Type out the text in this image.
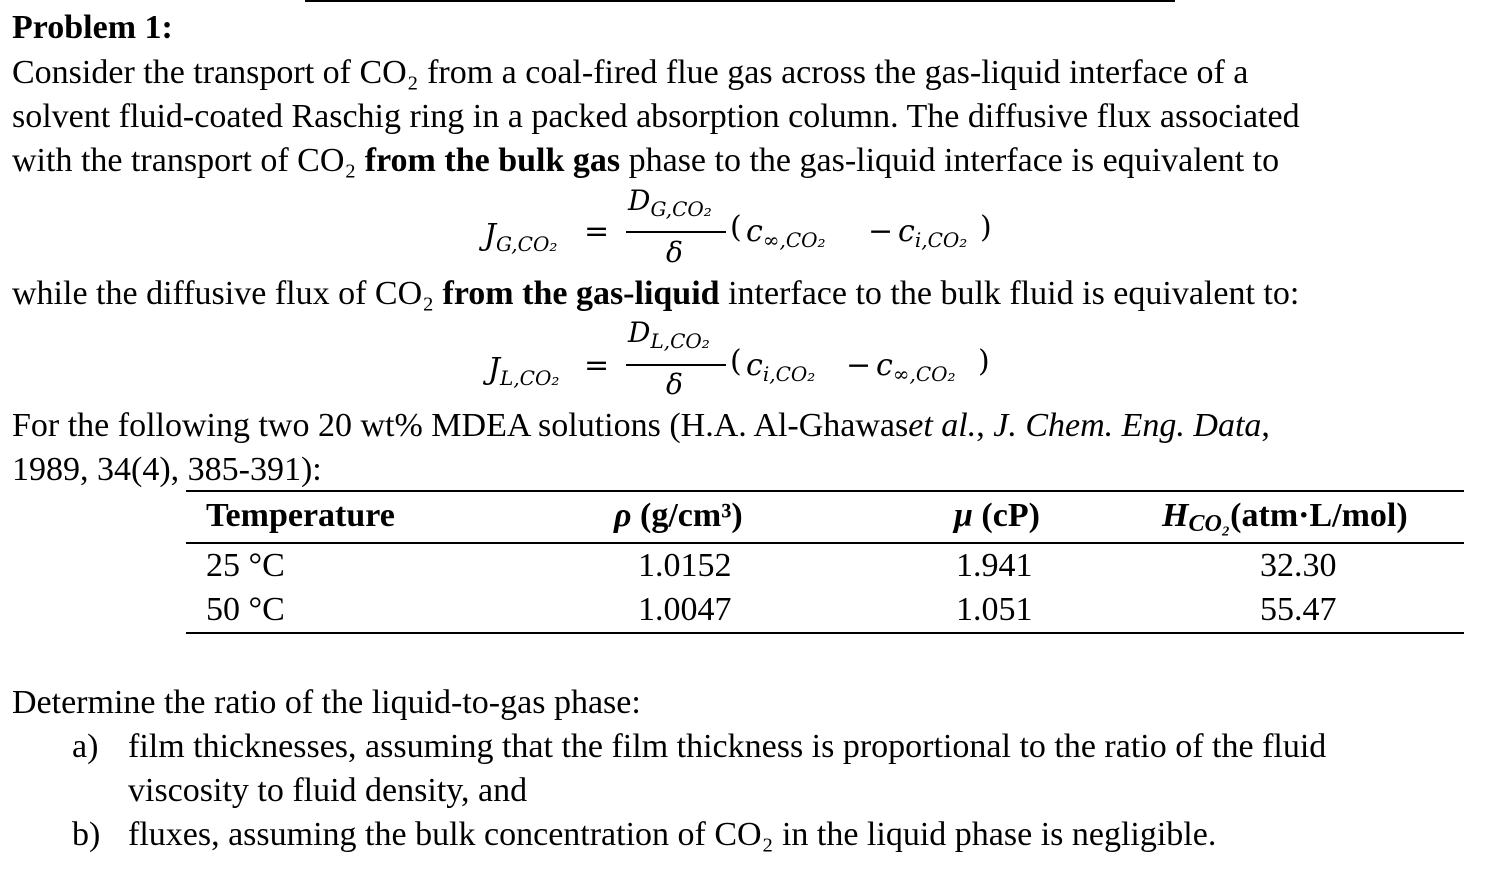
Problem 1:
Consider the transport of CO₂ from a coal-fired flue gas across the gas-liquid interface of a
solvent fluid-coated Raschig ring in a packed absorption column. The diffusive flux associated
with the transport of CO₂ from the bulk gas phase to the gas-liquid interface is equivalent to
$J_{G,CO_2}$ =
$D_{G,CO_2}$
δ
( $c_{\infty,CO_2} - c_{i,CO_2}$ )
while the diffusive flux of CO₂ from the gas-liquid interface to the bulk fluid is equivalent to:
$J_{L,CO_2}$ =
$D_{L,CO_2}$
δ
( $c_{i,CO_2} - c_{\infty,CO_2}$ )
For the following two 20 wt% MDEA solutions (H.A. Al-Ghawaset al., J. Chem. Eng. Data,
1989, 34(4), 385-391):
Temperature	ρ (g/cm³)	μ (cP)	$H_{CO_2}(atm\cdot L/mol)$
25 °C	1.0152	1.941	32.30
50 °C	1.0047	1.051	55.47
Determine the ratio of the liquid-to-gas phase:
a) film thicknesses, assuming that the film thickness is proportional to the ratio of the fluid
viscosity to fluid density, and
b) fluxes, assuming the bulk concentration of CO₂ in the liquid phase is negligible.
